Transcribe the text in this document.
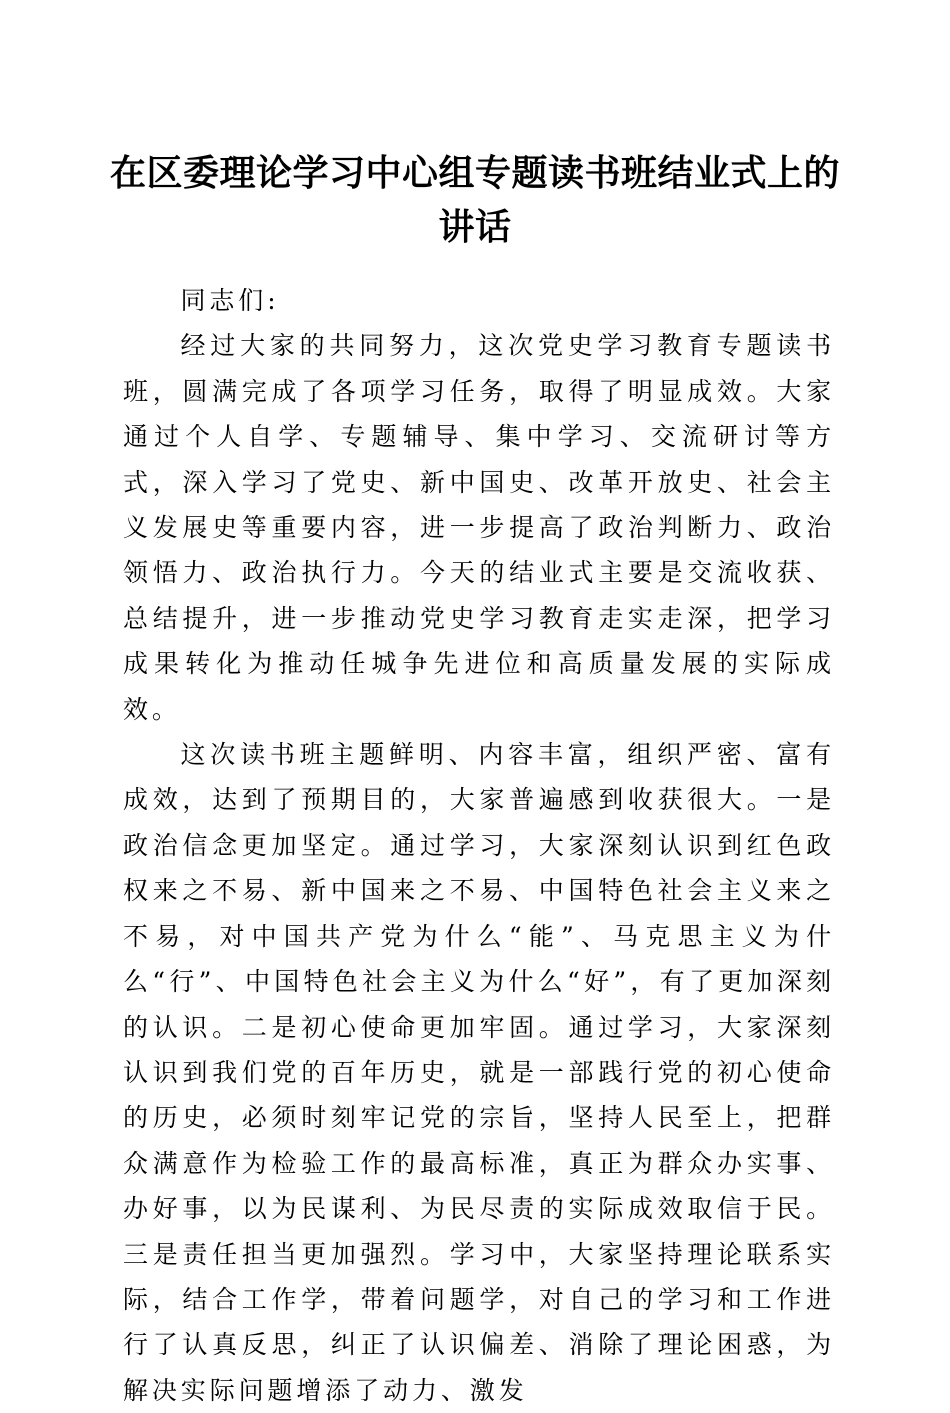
在区委理论学习中心组专题读书班结业式上的讲话

同志们:

经过大家的共同努力，这次党史学习教育专题读书班，圆满完成了各项学习任务，取得了明显成效。大家通过个人自学、专题辅导、集中学习、交流研讨等方式，深入学习了党史、新中国史、改革开放史、社会主义发展史等重要内容，进一步提高了政治判断力、政治领悟力、政治执行力。今天的结业式主要是交流收获、总结提升，进一步推动党史学习教育走实走深，把学习成果转化为推动任城争先进位和高质量发展的实际成效。

这次读书班主题鲜明、内容丰富，组织严密、富有成效，达到了预期目的，大家普遍感到收获很大。一是政治信念更加坚定。通过学习，大家深刻认识到红色政权来之不易、新中国来之不易、中国特色社会主义来之不易，对中国共产党为什么“能”、马克思主义为什么“行”、中国特色社会主义为什么“好”，有了更加深刻的认识。二是初心使命更加牢固。通过学习，大家深刻认识到我们党的百年历史，就是一部践行党的初心使命的历史，必须时刻牢记党的宗旨，坚持人民至上，把群众满意作为检验工作的最高标准，真正为群众办实事、办好事，以为民谋利、为民尽责的实际成效取信于民。三是责任担当更加强烈。学习中，大家坚持理论联系实际，结合工作学，带着问题学，对自己的学习和工作进行了认真反思，纠正了认识偏差、消除了理论困惑，为解决实际问题增添了动力、激发
